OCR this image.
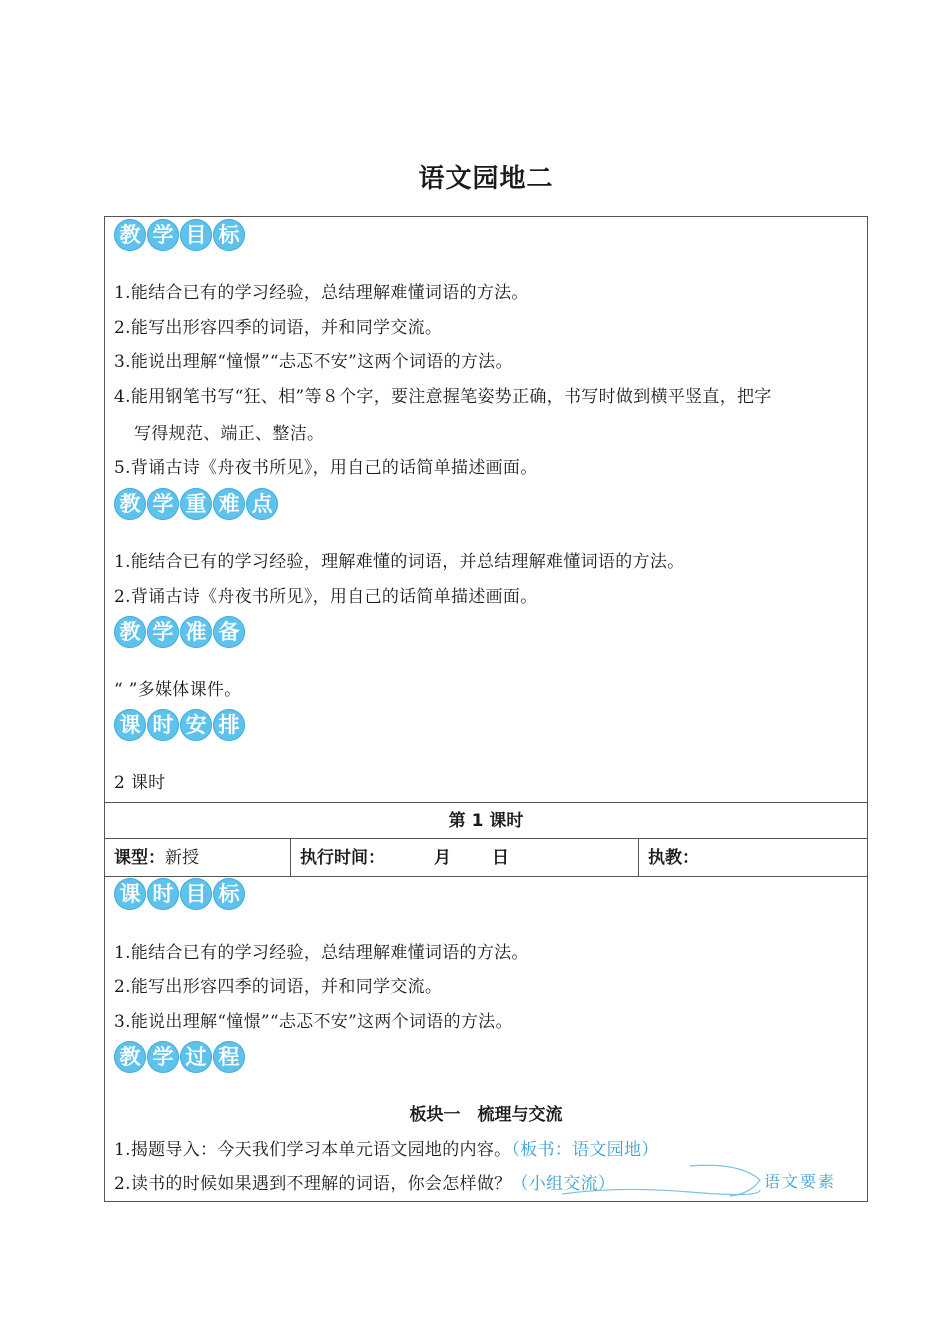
语文园地二
教 学 目 标
1.能结合已有的学习经验，总结理解难懂词语的方法。
2.能写出形容四季的词语，并和同学交流。
3.能说出理解“憧憬”“忐忑不安”这两个词语的方法。
4.能用钢笔书写“狂、相”等８个字，要注意握笔姿势正确，书写时做到横平竖直，把字
写得规范、端正、整洁。
5.背诵古诗《舟夜书所见》，用自己的话简单描述画面。
教 学 重 难 点
1.能结合已有的学习经验，理解难懂的词语，并总结理解难懂词语的方法。
2.背诵古诗《舟夜书所见》，用自己的话简单描述画面。
教 学 准 备
“ ”多媒体课件。
课 时 安 排
2 课时
第 1 课时
课型：新授	执行时间：	月 日	执教：
课 时 目 标
1.能结合已有的学习经验，总结理解难懂词语的方法。
2.能写出形容四季的词语，并和同学交流。
3.能说出理解“憧憬”“忐忑不安”这两个词语的方法。
教 学 过 程
板块一　梳理与交流
1.揭题导入：今天我们学习本单元语文园地的内容。（板书：语文园地）
2.读书的时候如果遇到不理解的词语，你会怎样做？（小组交流）	语文要素
